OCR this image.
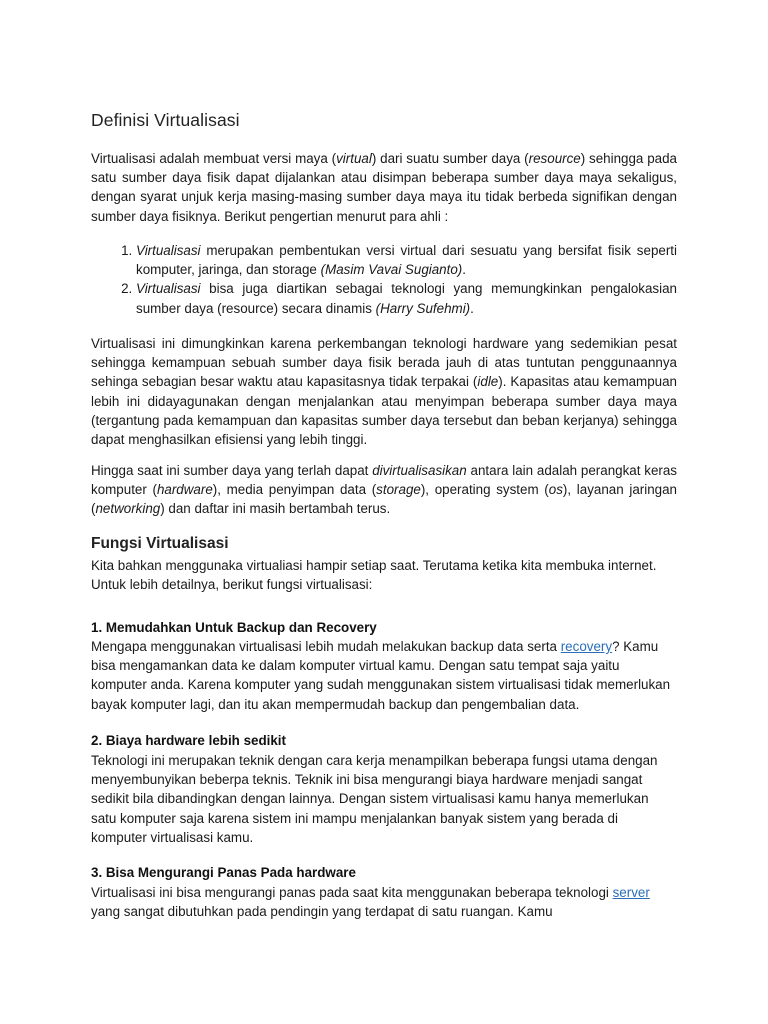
Definisi Virtualisasi

Virtualisasi adalah membuat versi maya (virtual) dari suatu sumber daya (resource) sehingga pada satu sumber daya fisik dapat dijalankan atau disimpan beberapa sumber daya maya sekaligus, dengan syarat unjuk kerja masing-masing sumber daya maya itu tidak berbeda signifikan dengan sumber daya fisiknya. Berikut pengertian menurut para ahli :

1. Virtualisasi merupakan pembentukan versi virtual dari sesuatu yang bersifat fisik seperti komputer, jaringa, dan storage (Masim Vavai Sugianto).
2. Virtualisasi bisa juga diartikan sebagai teknologi yang memungkinkan pengalokasian sumber daya (resource) secara dinamis (Harry Sufehmi).

Virtualisasi ini dimungkinkan karena perkembangan teknologi hardware yang sedemikian pesat sehingga kemampuan sebuah sumber daya fisik berada jauh di atas tuntutan penggunaannya sehinga sebagian besar waktu atau kapasitasnya tidak terpakai (idle). Kapasitas atau kemampuan lebih ini didayagunakan dengan menjalankan atau menyimpan beberapa sumber daya maya (tergantung pada kemampuan dan kapasitas sumber daya tersebut dan beban kerjanya) sehingga dapat menghasilkan efisiensi yang lebih tinggi.

Hingga saat ini sumber daya yang terlah dapat divirtualisasikan antara lain adalah perangkat keras komputer (hardware), media penyimpan data (storage), operating system (os), layanan jaringan (networking) dan daftar ini masih bertambah terus.

Fungsi Virtualisasi

Kita bahkan menggunaka virtualiasi hampir setiap saat. Terutama ketika kita membuka internet. Untuk lebih detailnya, berikut fungsi virtualisasi:

1. Memudahkan Untuk Backup dan Recovery

Mengapa menggunakan virtualisasi lebih mudah melakukan backup data serta recovery? Kamu bisa mengamankan data ke dalam komputer virtual kamu. Dengan satu tempat saja yaitu komputer anda. Karena komputer yang sudah menggunakan sistem virtualisasi tidak memerlukan bayak komputer lagi, dan itu akan mempermudah backup dan pengembalian data.

2. Biaya hardware lebih sedikit

Teknologi ini merupakan teknik dengan cara kerja menampilkan beberapa fungsi utama dengan menyembunyikan beberpa teknis. Teknik ini bisa mengurangi biaya hardware menjadi sangat sedikit bila dibandingkan dengan lainnya. Dengan sistem virtualisasi kamu hanya memerlukan satu komputer saja karena sistem ini mampu menjalankan banyak sistem yang berada di komputer virtualisasi kamu.

3. Bisa Mengurangi Panas Pada hardware

Virtualisasi ini bisa mengurangi panas pada saat kita menggunakan beberapa teknologi server yang sangat dibutuhkan pada pendingin yang terdapat di satu ruangan. Kamu
